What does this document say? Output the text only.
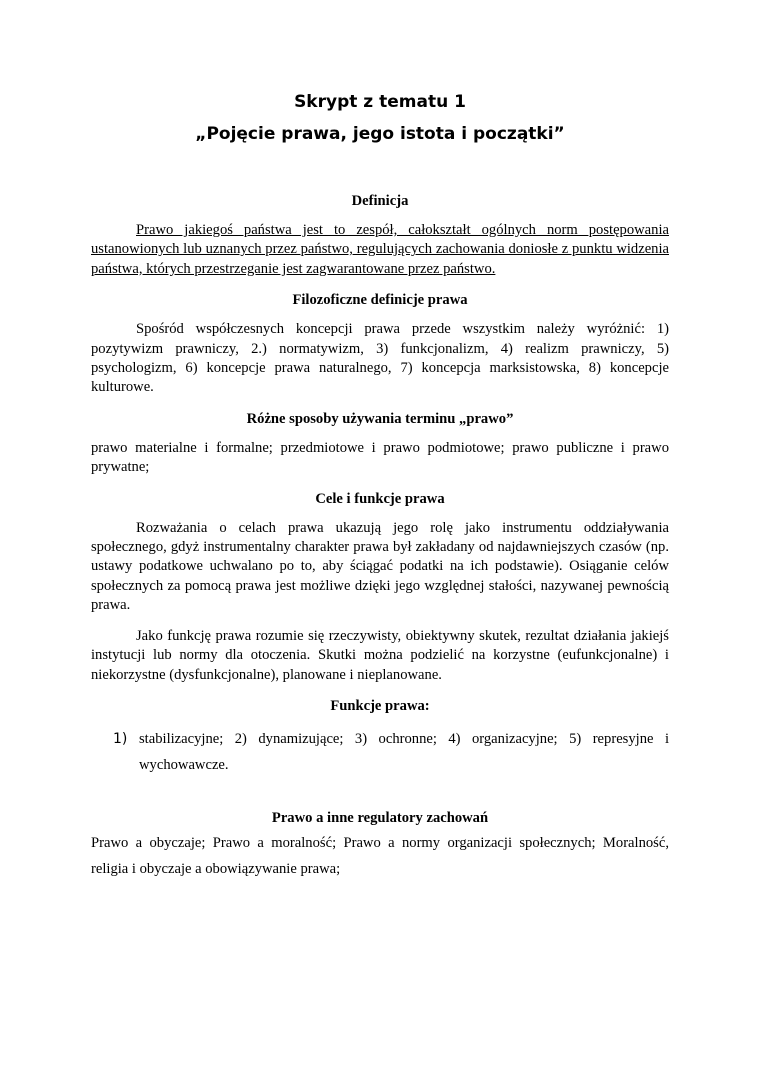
Skrypt z tematu 1
„Pojęcie prawa, jego istota i początki”
Definicja

Prawo jakiegoś państwa jest to zespół, całokształt ogólnych norm postępowania ustanowionych lub uznanych przez państwo, regulujących zachowania doniosłe z punktu widzenia państwa, których przestrzeganie jest zagwarantowane przez państwo.

Filozoficzne definicje prawa

Spośród współczesnych koncepcji prawa przede wszystkim należy wyróżnić: 1) pozytywizm prawniczy, 2.) normatywizm, 3) funkcjonalizm, 4) realizm prawniczy, 5) psychologizm, 6) koncepcje prawa naturalnego, 7) koncepcja marksistowska, 8) koncepcje kulturowe.

Różne sposoby używania terminu „prawo”

prawo materialne i formalne; przedmiotowe i prawo podmiotowe; prawo publiczne i prawo prywatne;

Cele i funkcje prawa

Rozważania o celach prawa ukazują jego rolę jako instrumentu oddziaływania społecznego, gdyż instrumentalny charakter prawa był zakładany od najdawniejszych czasów (np. ustawy podatkowe uchwalano po to, aby ściągać podatki na ich podstawie). Osiąganie celów społecznych za pomocą prawa jest możliwe dzięki jego względnej stałości, nazywanej pewnością prawa.

Jako funkcję prawa rozumie się rzeczywisty, obiektywny skutek, rezultat działania jakiejś instytucji lub normy dla otoczenia. Skutki można podzielić na korzystne (eufunkcjonalne) i niekorzystne (dysfunkcjonalne), planowane i nieplanowane.

Funkcje prawa:
1) stabilizacyjne; 2) dynamizujące; 3) ochronne; 4) organizacyjne; 5) represyjne i wychowawcze.
Prawo a inne regulatory zachowań

Prawo a obyczaje; Prawo a moralność; Prawo a normy organizacji społecznych; Moralność, religia i obyczaje a obowiązywanie prawa;
